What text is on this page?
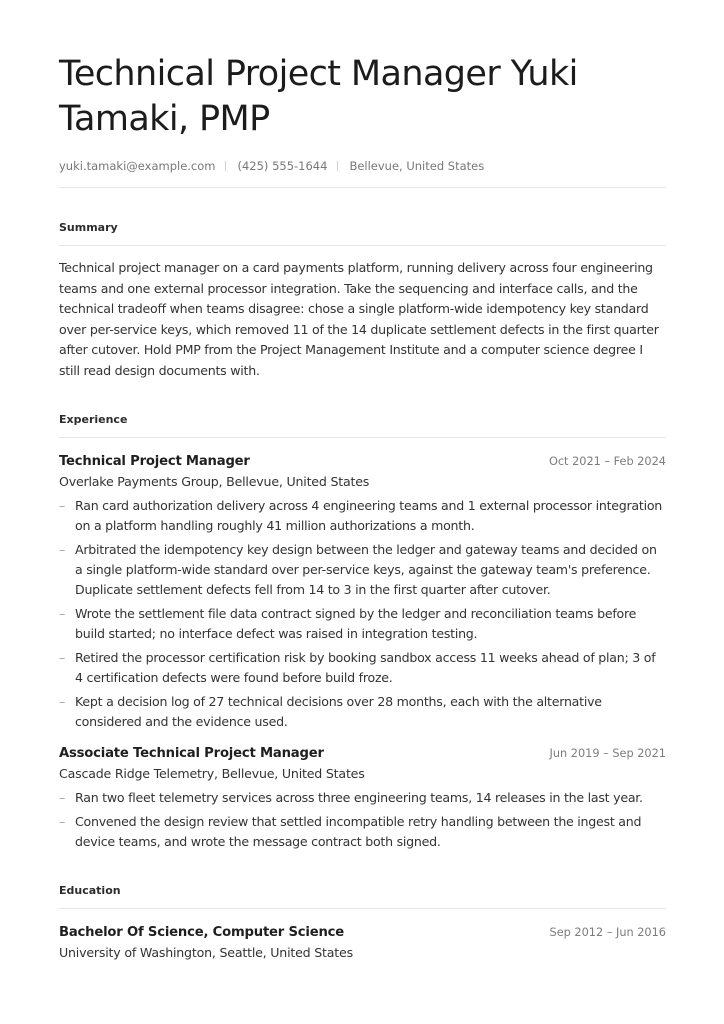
Technical Project Manager Yuki Tamaki, PMP
yuki.tamaki@example.com (425) 555-1644 Bellevue, United States
Summary

Technical project manager on a card payments platform, running delivery across four engineering teams and one external processor integration. Take the sequencing and interface calls, and the technical tradeoff when teams disagree: chose a single platform-wide idempotency key standard over per-service keys, which removed 11 of the 14 duplicate settlement defects in the first quarter after cutover. Hold PMP from the Project Management Institute and a computer science degree I still read design documents with.

Experience
Technical Project Manager	Oct 2021 – Feb 2024
Overlake Payments Group, Bellevue, United States
– Ran card authorization delivery across 4 engineering teams and 1 external processor integration on a platform handling roughly 41 million authorizations a month.
– Arbitrated the idempotency key design between the ledger and gateway teams and decided on a single platform-wide standard over per-service keys, against the gateway team's preference. Duplicate settlement defects fell from 14 to 3 in the first quarter after cutover.
– Wrote the settlement file data contract signed by the ledger and reconciliation teams before build started; no interface defect was raised in integration testing.
– Retired the processor certification risk by booking sandbox access 11 weeks ahead of plan; 3 of 4 certification defects were found before build froze.
– Kept a decision log of 27 technical decisions over 28 months, each with the alternative considered and the evidence used.
Associate Technical Project Manager	Jun 2019 – Sep 2021
Cascade Ridge Telemetry, Bellevue, United States
– Ran two fleet telemetry services across three engineering teams, 14 releases in the last year.
– Convened the design review that settled incompatible retry handling between the ingest and device teams, and wrote the message contract both signed.
Education
Bachelor Of Science, Computer Science	Sep 2012 – Jun 2016
University of Washington, Seattle, United States
